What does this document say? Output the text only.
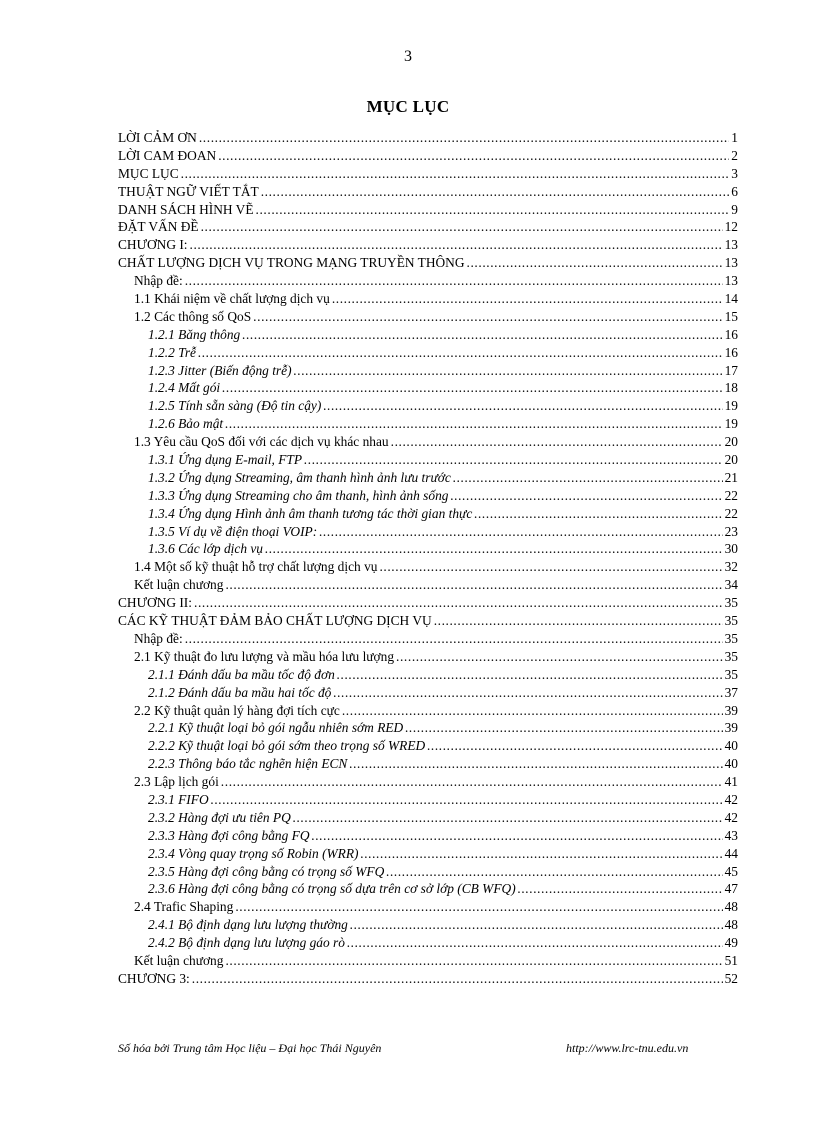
3
MỤC LỤC
LỜI CẢM ƠN .....	1
LỜI CAM ĐOAN .....	2
MỤC LỤC .....	3
THUẬT NGỮ VIẾT TẮT .....	6
DANH SÁCH HÌNH VẼ .....	9
ĐẶT VẤN ĐỀ .....	12
CHƯƠNG I: .....	13
CHẤT LƯỢNG DỊCH VỤ TRONG MẠNG TRUYỀN THÔNG .....	13
Nhập đề: .....	13
1.1 Khái niệm về chất lượng dịch vụ .....	14
1.2 Các thông số QoS .....	15
1.2.1 Băng thông .....	16
1.2.2 Trễ .....	16
1.2.3 Jitter (Biến động trễ) .....	17
1.2.4 Mất gói .....	18
1.2.5 Tính sẵn sàng (Độ tin cậy) .....	19
1.2.6 Bảo mật .....	19
1.3 Yêu cầu QoS đối với các dịch vụ khác nhau .....	20
1.3.1 Ứng dụng E-mail, FTP .....	20
1.3.2 Ứng dụng Streaming, âm thanh hình ảnh lưu trước .....	21
1.3.3 Ứng dụng Streaming cho âm thanh, hình ảnh sống .....	22
1.3.4 Ứng dụng Hình ảnh âm thanh tương tác thời gian thực .....	22
1.3.5 Ví dụ về điện thoại VOIP: .....	23
1.3.6 Các lớp dịch vụ .....	30
1.4 Một số kỹ thuật hỗ trợ chất lượng dịch vụ .....	32
Kết luận chương .....	34
CHƯƠNG II: .....	35
CÁC KỸ THUẬT ĐẢM BẢO CHẤT LƯỢNG DỊCH VỤ .....	35
Nhập đề: .....	35
2.1 Kỹ thuật đo lưu lượng và mầu hóa lưu lượng .....	35
2.1.1 Đánh dấu ba mầu tốc độ đơn .....	35
2.1.2 Đánh dấu ba mầu hai tốc độ .....	37
2.2 Kỹ thuật quản lý hàng đợi tích cực .....	39
2.2.1 Kỹ thuật loại bỏ gói ngẫu nhiên sớm RED .....	39
2.2.2 Kỹ thuật loại bỏ gói sớm theo trọng số WRED .....	40
2.2.3 Thông báo tắc nghẽn hiện ECN .....	40
2.3 Lập lịch gói .....	41
2.3.1 FIFO .....	42
2.3.2 Hàng đợi ưu tiên PQ .....	42
2.3.3 Hàng đợi công bằng FQ .....	43
2.3.4 Vòng quay trọng số Robin (WRR) .....	44
2.3.5 Hàng đợi công bằng có trọng số WFQ .....	45
2.3.6 Hàng đợi công bằng có trọng số dựa trên cơ sở lớp (CB WFQ) .....	47
2.4 Trafic Shaping .....	48
2.4.1 Bộ định dạng lưu lượng thường .....	48
2.4.2 Bộ định dạng lưu lượng gáo rò .....	49
Kết luận chương .....	51
CHƯƠNG 3: .....	52
Số hóa bởi Trung tâm Học liệu – Đại học Thái Nguyên	http://www.lrc-tnu.edu.vn
